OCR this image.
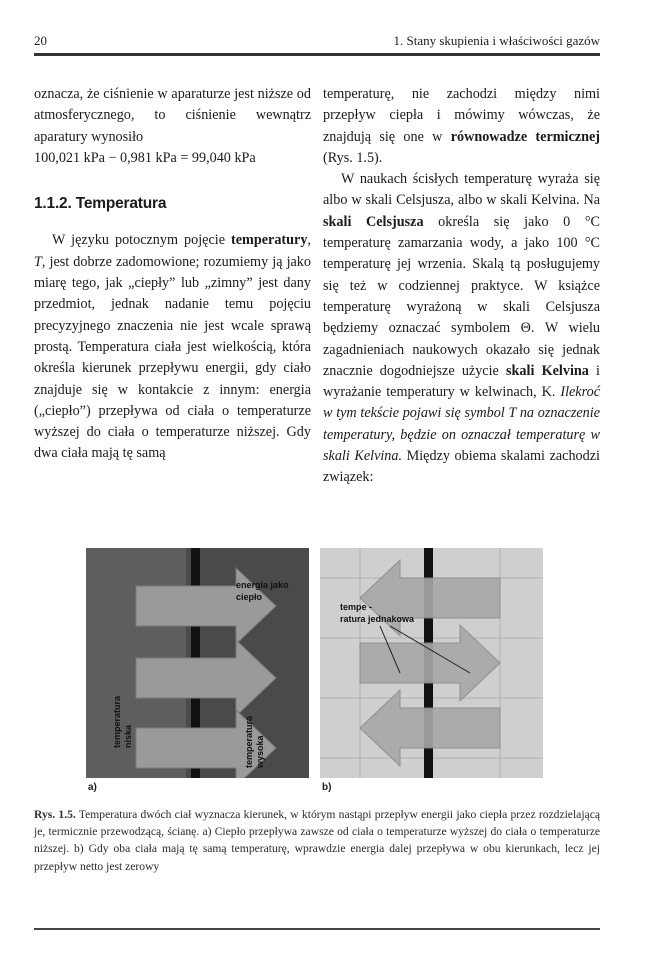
20	1. Stany skupienia i właściwości gazów

oznacza, że ciśnienie w aparaturze jest niższe od atmosferycznego, to ciśnienie wewnątrz aparatury wynosiło

100,021 kPa − 0,981 kPa = 99,040 kPa

1.1.2. Temperatura

W języku potocznym pojęcie temperatury, T, jest dobrze zadomowione; rozumiemy ją jako miarę tego, jak „ciepły” lub „zimny” jest dany przedmiot, jednak nadanie temu pojęciu precyzyjnego znaczenia nie jest wcale sprawą prostą. Temperatura ciała jest wielkością, która określa kierunek przepływu energii, gdy ciało znajduje się w kontakcie z innym: energia („ciepło”) przepływa od ciała o temperaturze wyższej do ciała o temperaturze niższej. Gdy dwa ciała mają tę samą

temperaturę, nie zachodzi między nimi przepływ ciepła i mówimy wówczas, że znajdują się one w równowadze termicznej (Rys. 1.5).

W naukach ścisłych temperaturę wyraża się albo w skali Celsjusza, albo w skali Kelvina. Na skali Celsjusza określa się jako 0 °C temperaturę zamarzania wody, a jako 100 °C temperaturę jej wrzenia. Skalą tą posługujemy się też w codziennej praktyce. W książce temperaturę wyrażoną w skali Celsjusza będziemy oznaczać symbolem Θ. W wielu zagadnieniach naukowych okazało się jednak znacznie dogodniejsze użycie skali Kelvina i wyrażanie temperatury w kelwinach, K. Ilekroć w tym tekście pojawi się symbol T na oznaczenie temperatury, będzie on oznaczał temperaturę w skali Kelvina. Między obiema skalami zachodzi związek:

energia jako
ciepło
temperatura niska	temperatura wysoka
a)
tempe -
ratura jednakowa
b)
Rys. 1.5. Temperatura dwóch ciał wyznacza kierunek, w którym nastąpi przepływ energii jako ciepła przez rozdzielającą je, termicznie przewodzącą, ścianę. a) Ciepło przepływa zawsze od ciała o temperaturze wyższej do ciała o temperaturze niższej. b) Gdy oba ciała mają tę samą temperaturę, wprawdzie energia dalej przepływa w obu kierunkach, lecz jej przepływ netto jest zerowy
